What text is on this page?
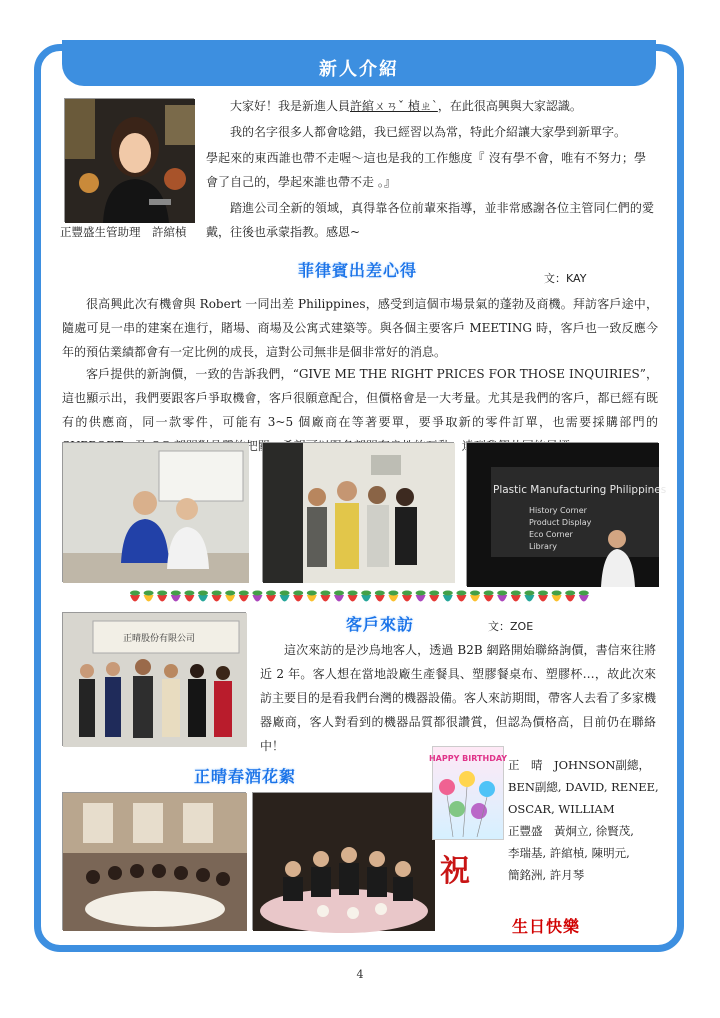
新人介紹

大家好！我是新進人員許綰ㄨㄢˇ 楨ㄓ`，在此很高興與大家認識。

我的名字很多人都會唸錯，我已經習以為常，特此介紹讓大家學到新單字。

學起來的東西誰也帶不走喔～這也是我的工作態度『 沒有學不會，唯有不努力；學會了自己的，學起來誰也帶不走 。』

踏進公司全新的領域，真得靠各位前輩來指導，並非常感謝各位主管同仁們的愛戴，往後也承蒙指教。感恩~

正豐盛生管助理　許綰楨
菲律賓出差心得	文：KAY

很高興此次有機會與 Robert 一同出差 Philippines，感受到這個市場景氣的蓬勃及商機。拜訪客戶途中，隨處可見一串的建案在進行，賭場、商場及公寓式建築等。與各個主要客戶 MEETING 時，客戶也一致反應今年的預估業績都會有一定比例的成長，這對公司無非是個非常好的消息。

客戶提供的新詢價，一致的告訴我們，“GIVE ME THE RIGHT PRICES FOR THOSE INQUIRIES”，這也顯示出，我們要跟客戶爭取機會，客戶很願意配合，但價格會是一大考量。尤其是我們的客戶，都已經有既有的供應商，同一款零件，可能有 3~5 個廠商在等著要單，要爭取新的零件訂單，也需要採購部門的

Plastic Manufacturing Philippines
History Corner
Product Display
Eco Corner
Library
正晴股份有限公司
客戶來訪	文：ZOE

這次來訪的是沙烏地客人，透過 B2B 網路開始聯絡詢價，書信來往將近 2 年。客人想在當地設廠生產餐具、塑膠餐桌布、塑膠杯…，故此次來訪主要目的是看我們台灣的機器設備。客人來訪期間，帶客人去看了多家機器廠商，客人對看到的機器品質都很讚賞，但認為價格高，目前仍在聯絡中！

正晴春酒花絮
HAPPY BIRTHDAY 正　晴　JOHNSON副總，
BEN副總, DAVID, RENEE,
OSCAR, WILLIAM
正豐盛　黃炯立, 徐賢茂,
李瑞基, 許綰楨, 陳明元,
簡銘洲, 許月琴
祝
生日快樂
4
